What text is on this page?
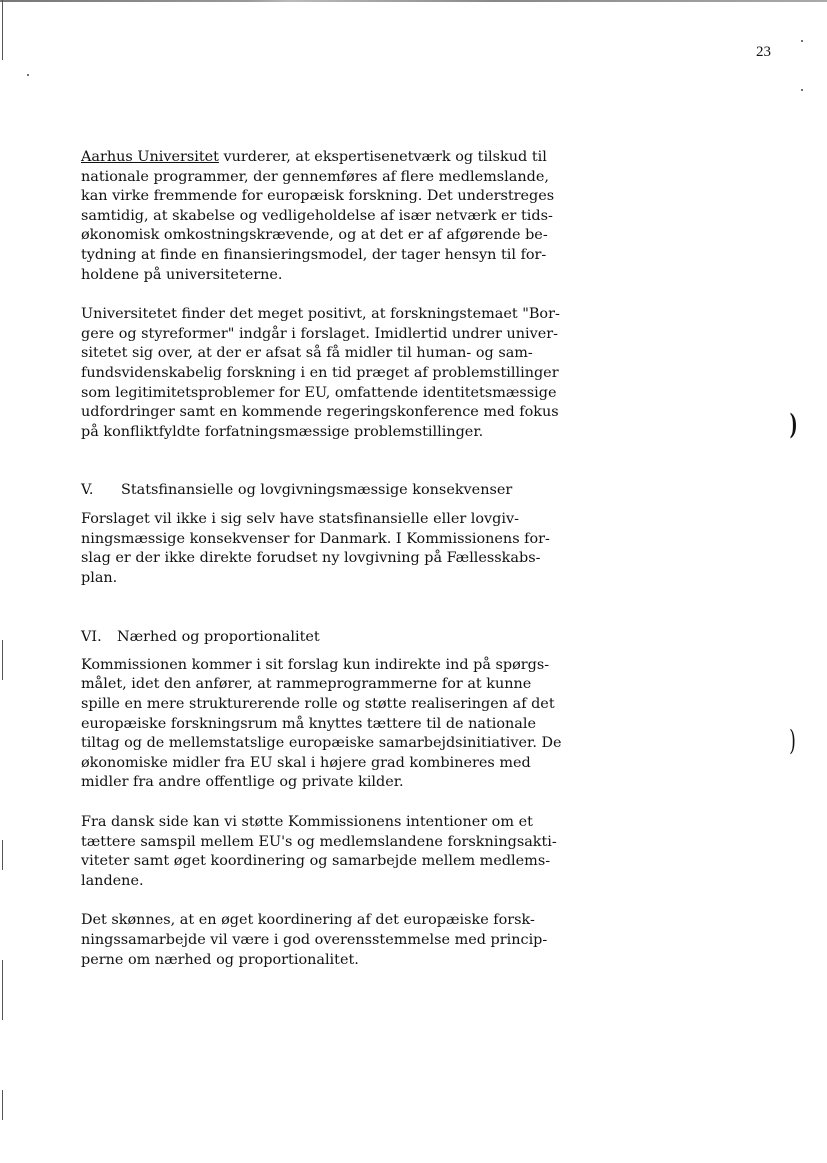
23
)
)

Aarhus Universitet vurderer, at ekspertisenetværk og tilskud til
nationale programmer, der gennemføres af flere medlemslande,
kan virke fremmende for europæisk forskning. Det understreges
samtidig, at skabelse og vedligeholdelse af især netværk er tids-
økonomisk omkostningskrævende, og at det er af afgørende be-
tydning at finde en finansieringsmodel, der tager hensyn til for-
holdene på universiteterne.

Universitetet finder det meget positivt, at forskningstemaet "Bor-
gere og styreformer" indgår i forslaget. Imidlertid undrer univer-
sitetet sig over, at der er afsat så få midler til human- og sam-
fundsvidenskabelig forskning i en tid præget af problemstillinger
som legitimitetsproblemer for EU, omfattende identitetsmæssige
udfordringer samt en kommende regeringskonference med fokus
på konfliktfyldte forfatningsmæssige problemstillinger.

V. Statsfinansielle og lovgivningsmæssige konsekvenser

Forslaget vil ikke i sig selv have statsfinansielle eller lovgiv-
ningsmæssige konsekvenser for Danmark. I Kommissionens for-
slag er der ikke direkte forudset ny lovgivning på Fællesskabs-
plan.

VI. Nærhed og proportionalitet

Kommissionen kommer i sit forslag kun indirekte ind på spørgs-
målet, idet den anfører, at rammeprogrammerne for at kunne
spille en mere strukturerende rolle og støtte realiseringen af det
europæiske forskningsrum må knyttes tættere til de nationale
tiltag og de mellemstatslige europæiske samarbejdsinitiativer. De
økonomiske midler fra EU skal i højere grad kombineres med
midler fra andre offentlige og private kilder.

Fra dansk side kan vi støtte Kommissionens intentioner om et
tættere samspil mellem EU's og medlemslandene forskningsakti-
viteter samt øget koordinering og samarbejde mellem medlems-
landene.

Det skønnes, at en øget koordinering af det europæiske forsk-
ningssamarbejde vil være i god overensstemmelse med princip-
perne om nærhed og proportionalitet.
